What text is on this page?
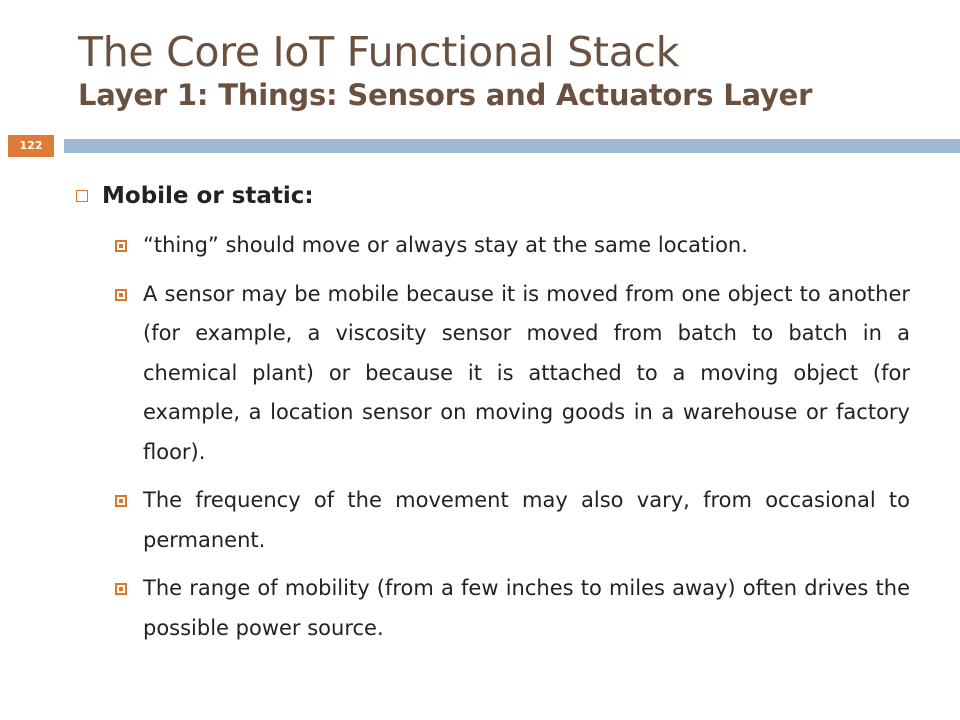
The Core IoT Functional Stack
Layer 1: Things: Sensors and Actuators Layer
122
Mobile or static:
“thing” should move or always stay at the same location.
A sensor may be mobile because it is moved from one object to another (for example, a viscosity sensor moved from batch to batch in a chemical plant) or because it is attached to a moving object (for example, a location sensor on moving goods in a warehouse or factory floor).
The frequency of the movement may also vary, from occasional to permanent.
The range of mobility (from a few inches to miles away) often drives the possible power source.
